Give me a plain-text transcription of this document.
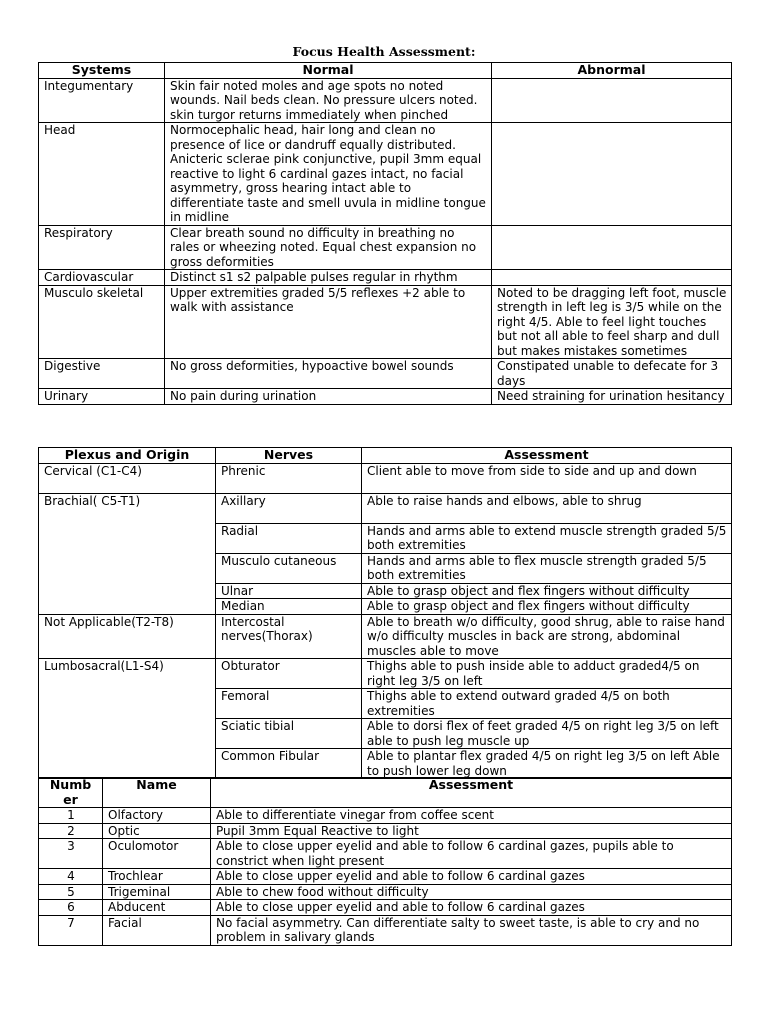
Focus Health Assessment:
Systems	Normal	Abnormal
Integumentary	Skin fair noted moles and age spots no noted wounds. Nail beds clean. No pressure ulcers noted. skin turgor returns immediately when pinched	
Head	Normocephalic head, hair long and clean no presence of lice or dandruff equally distributed. Anicteric sclerae pink conjunctive, pupil 3mm equal reactive to light 6 cardinal gazes intact, no facial asymmetry, gross hearing intact able to differentiate taste and smell uvula in midline tongue in midline	
Respiratory	Clear breath sound no difficulty in breathing no rales or wheezing noted. Equal chest expansion no gross deformities	
Cardiovascular	Distinct s1 s2 palpable pulses regular in rhythm	
Musculo skeletal	Upper extremities graded 5/5 reflexes +2 able to walk with assistance	Noted to be dragging left foot, muscle strength in left leg is 3/5 while on the right 4/5. Able to feel light touches but not all able to feel sharp and dull but makes mistakes sometimes
Digestive	No gross deformities, hypoactive bowel sounds	Constipated unable to defecate for 3 days
Urinary	No pain during urination	Need straining for urination hesitancy
Plexus and Origin	Nerves	Assessment
Cervical (C1-C4)	Phrenic	Client able to move from side to side and up and down
Brachial( C5-T1)	Axillary	Able to raise hands and elbows, able to shrug
	Radial	Hands and arms able to extend muscle strength graded 5/5 both extremities
	Musculo cutaneous	Hands and arms able to flex muscle strength graded 5/5 both extremities
	Ulnar	Able to grasp object and flex fingers without difficulty
	Median	Able to grasp object and flex fingers without difficulty
Not Applicable(T2-T8)	Intercostal nerves(Thorax)	Able to breath w/o difficulty, good shrug, able to raise hand w/o difficulty muscles in back are strong, abdominal muscles able to move
Lumbosacral(L1-S4)	Obturator	Thighs able to push inside able to adduct graded4/5 on right leg 3/5 on left
	Femoral	Thighs able to extend outward graded 4/5 on both extremities
	Sciatic tibial	Able to dorsi flex of feet graded 4/5 on right leg 3/5 on left able to push leg muscle up
	Common Fibular	Able to plantar flex graded 4/5 on right leg 3/5 on left Able to push lower leg down
Numb er	Name	Assessment
1	Olfactory	Able to differentiate vinegar from coffee scent
2	Optic	Pupil 3mm Equal Reactive to light
3	Oculomotor	Able to close upper eyelid and able to follow 6 cardinal gazes, pupils able to constrict when light present
4	Trochlear	Able to close upper eyelid and able to follow 6 cardinal gazes
5	Trigeminal	Able to chew food without difficulty
6	Abducent	Able to close upper eyelid and able to follow 6 cardinal gazes
7	Facial	No facial asymmetry. Can differentiate salty to sweet taste, is able to cry and no problem in salivary glands
